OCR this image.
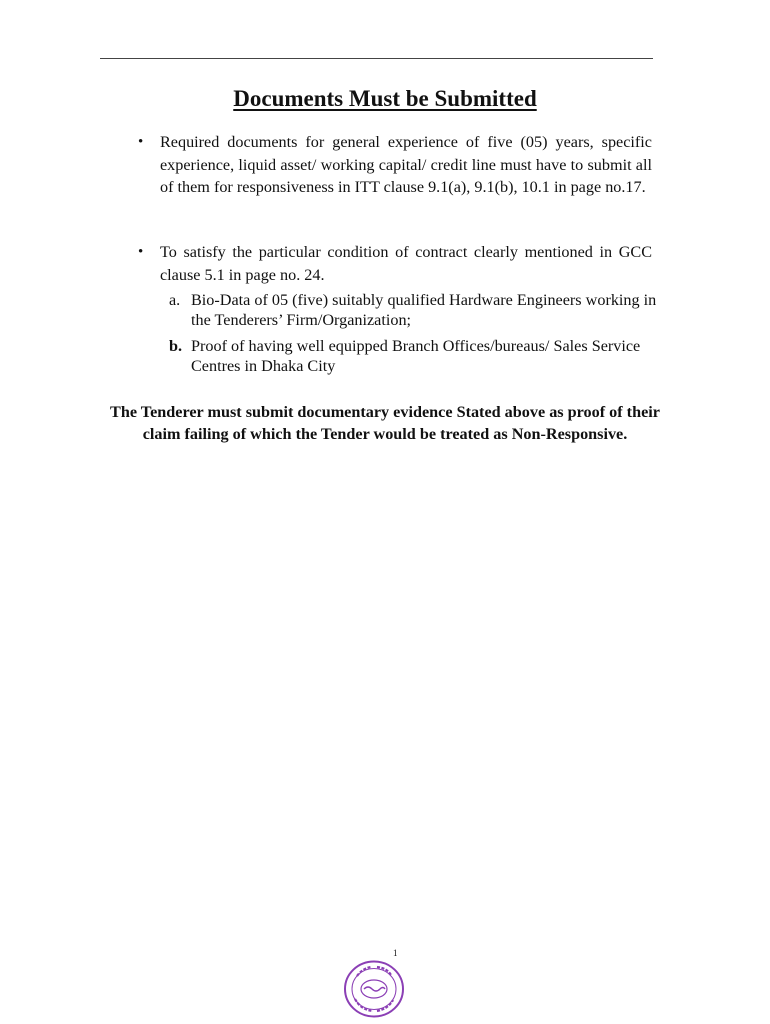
Documents Must be Submitted
• Required documents for general experience of five (05) years, specific experience, liquid asset/ working capital/ credit line must have to submit all of them for responsiveness in ITT clause 9.1(a), 9.1(b), 10.1 in page no.17.
• To satisfy the particular condition of contract clearly mentioned in GCC clause 5.1 in page no. 24.
a. Bio-Data of 05 (five) suitably qualified Hardware Engineers working in the Tenderers’ Firm/Organization;
b. Proof of having well equipped Branch Offices/bureaus/ Sales Service Centres in Dhaka City
The Tenderer must submit documentary evidence Stated above as proof of their claim failing of which the Tender would be treated as Non-Responsive.
1
